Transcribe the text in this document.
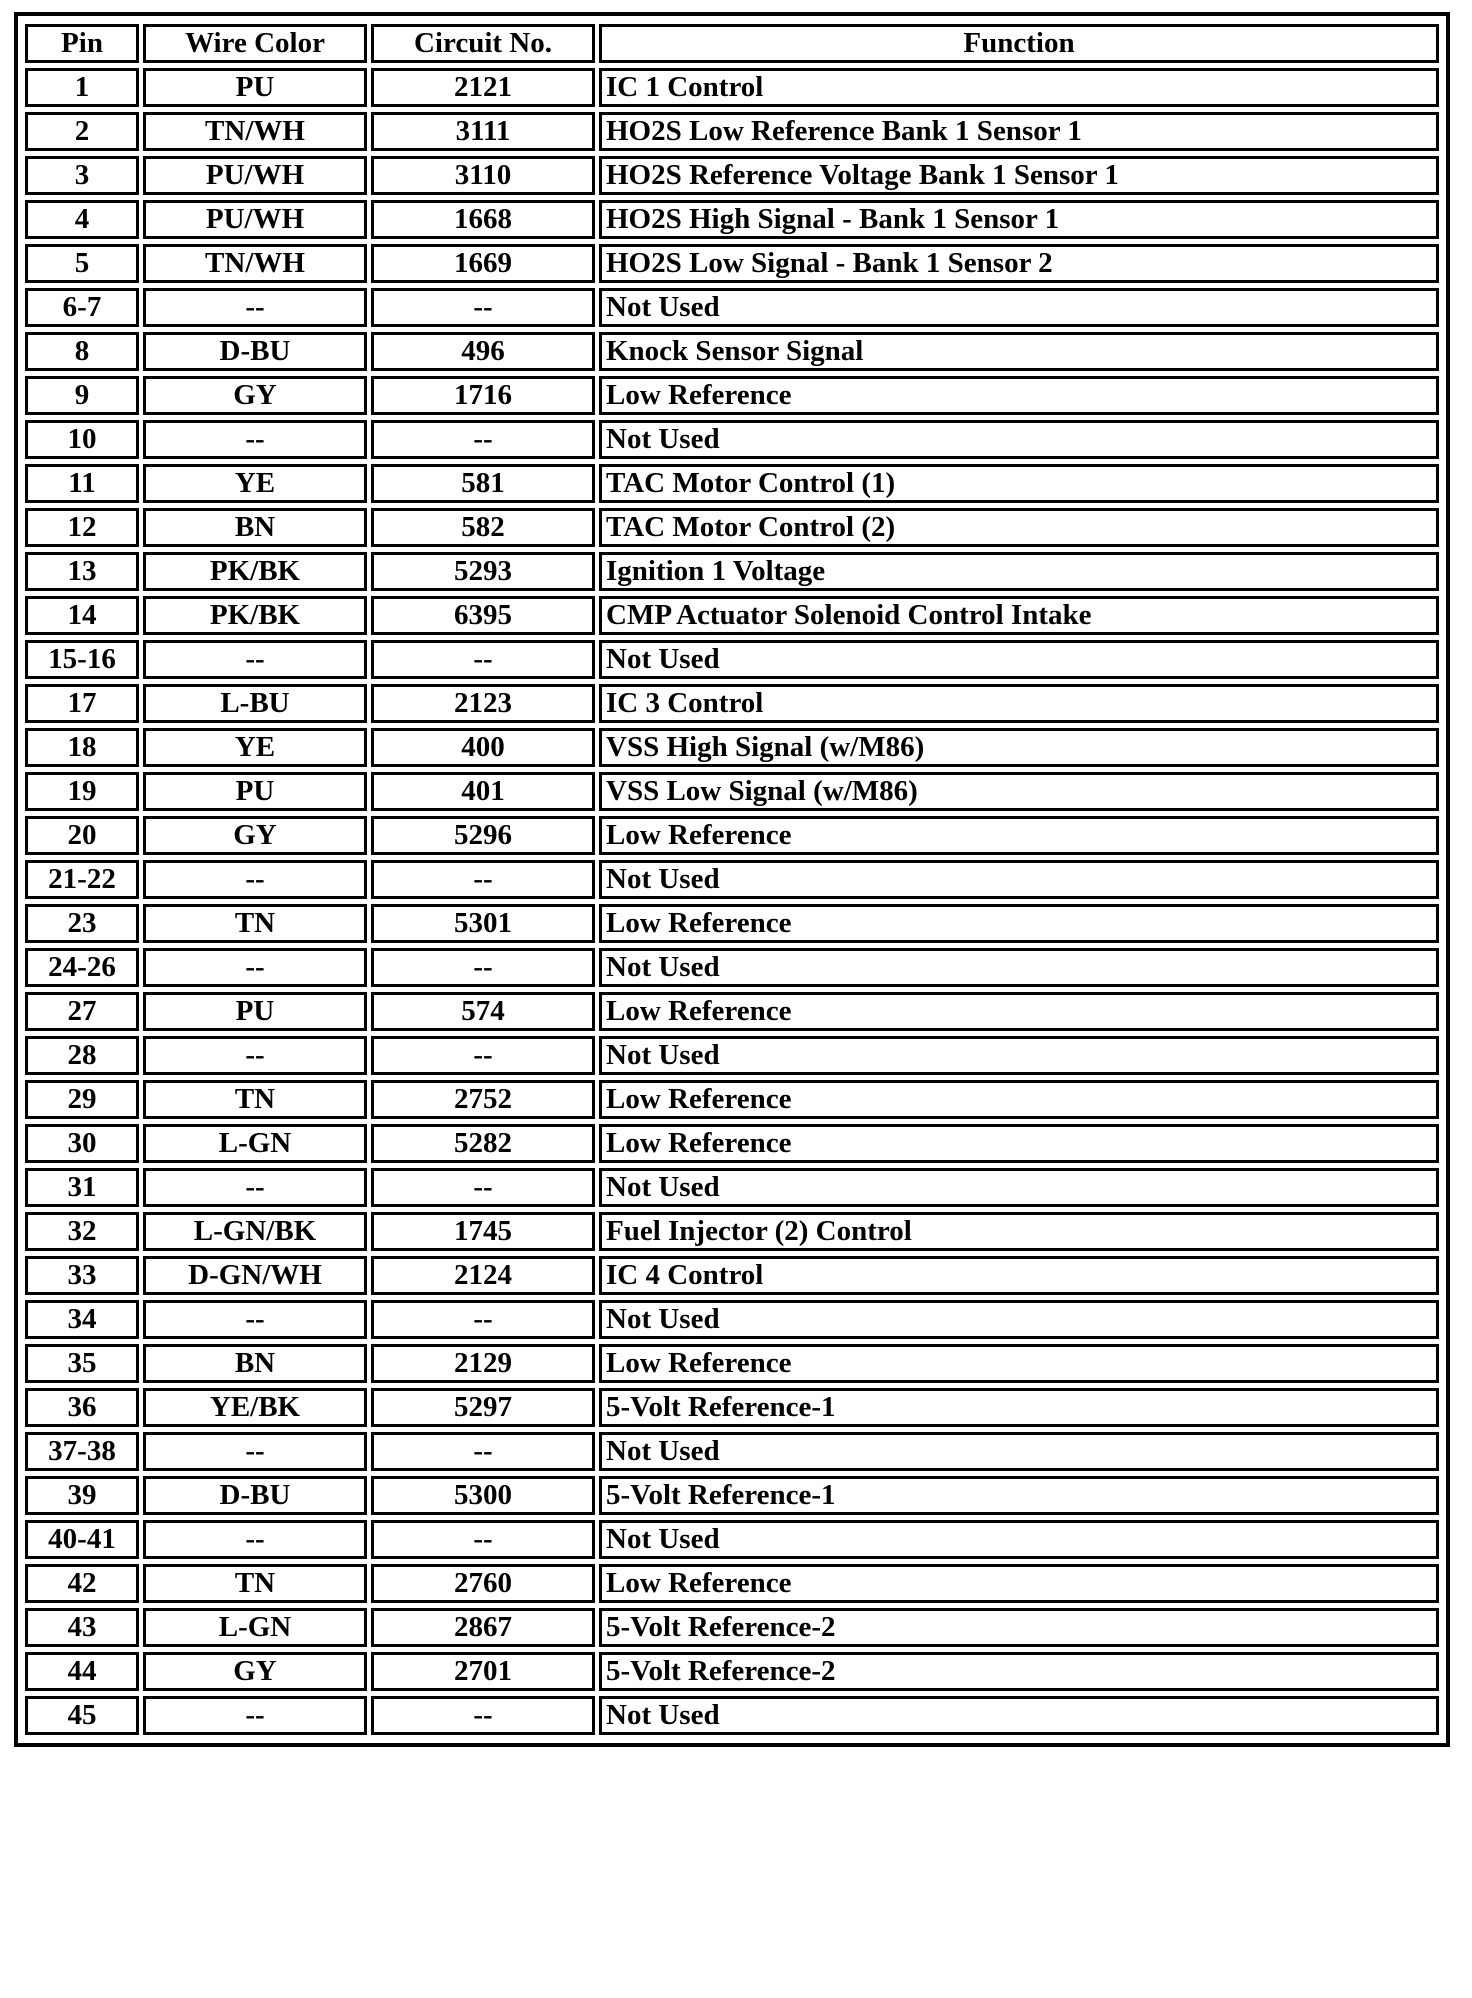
Pin	Wire Color	Circuit No.	Function
1	PU	2121	IC 1 Control
2	TN/WH	3111	HO2S Low Reference Bank 1 Sensor 1
3	PU/WH	3110	HO2S Reference Voltage Bank 1 Sensor 1
4	PU/WH	1668	HO2S High Signal - Bank 1 Sensor 1
5	TN/WH	1669	HO2S Low Signal - Bank 1 Sensor 2
6-7	--	--	Not Used
8	D-BU	496	Knock Sensor Signal
9	GY	1716	Low Reference
10	--	--	Not Used
11	YE	581	TAC Motor Control (1)
12	BN	582	TAC Motor Control (2)
13	PK/BK	5293	Ignition 1 Voltage
14	PK/BK	6395	CMP Actuator Solenoid Control Intake
15-16	--	--	Not Used
17	L-BU	2123	IC 3 Control
18	YE	400	VSS High Signal (w/M86)
19	PU	401	VSS Low Signal (w/M86)
20	GY	5296	Low Reference
21-22	--	--	Not Used
23	TN	5301	Low Reference
24-26	--	--	Not Used
27	PU	574	Low Reference
28	--	--	Not Used
29	TN	2752	Low Reference
30	L-GN	5282	Low Reference
31	--	--	Not Used
32	L-GN/BK	1745	Fuel Injector (2) Control
33	D-GN/WH	2124	IC 4 Control
34	--	--	Not Used
35	BN	2129	Low Reference
36	YE/BK	5297	5-Volt Reference-1
37-38	--	--	Not Used
39	D-BU	5300	5-Volt Reference-1
40-41	--	--	Not Used
42	TN	2760	Low Reference
43	L-GN	2867	5-Volt Reference-2
44	GY	2701	5-Volt Reference-2
45	--	--	Not Used
